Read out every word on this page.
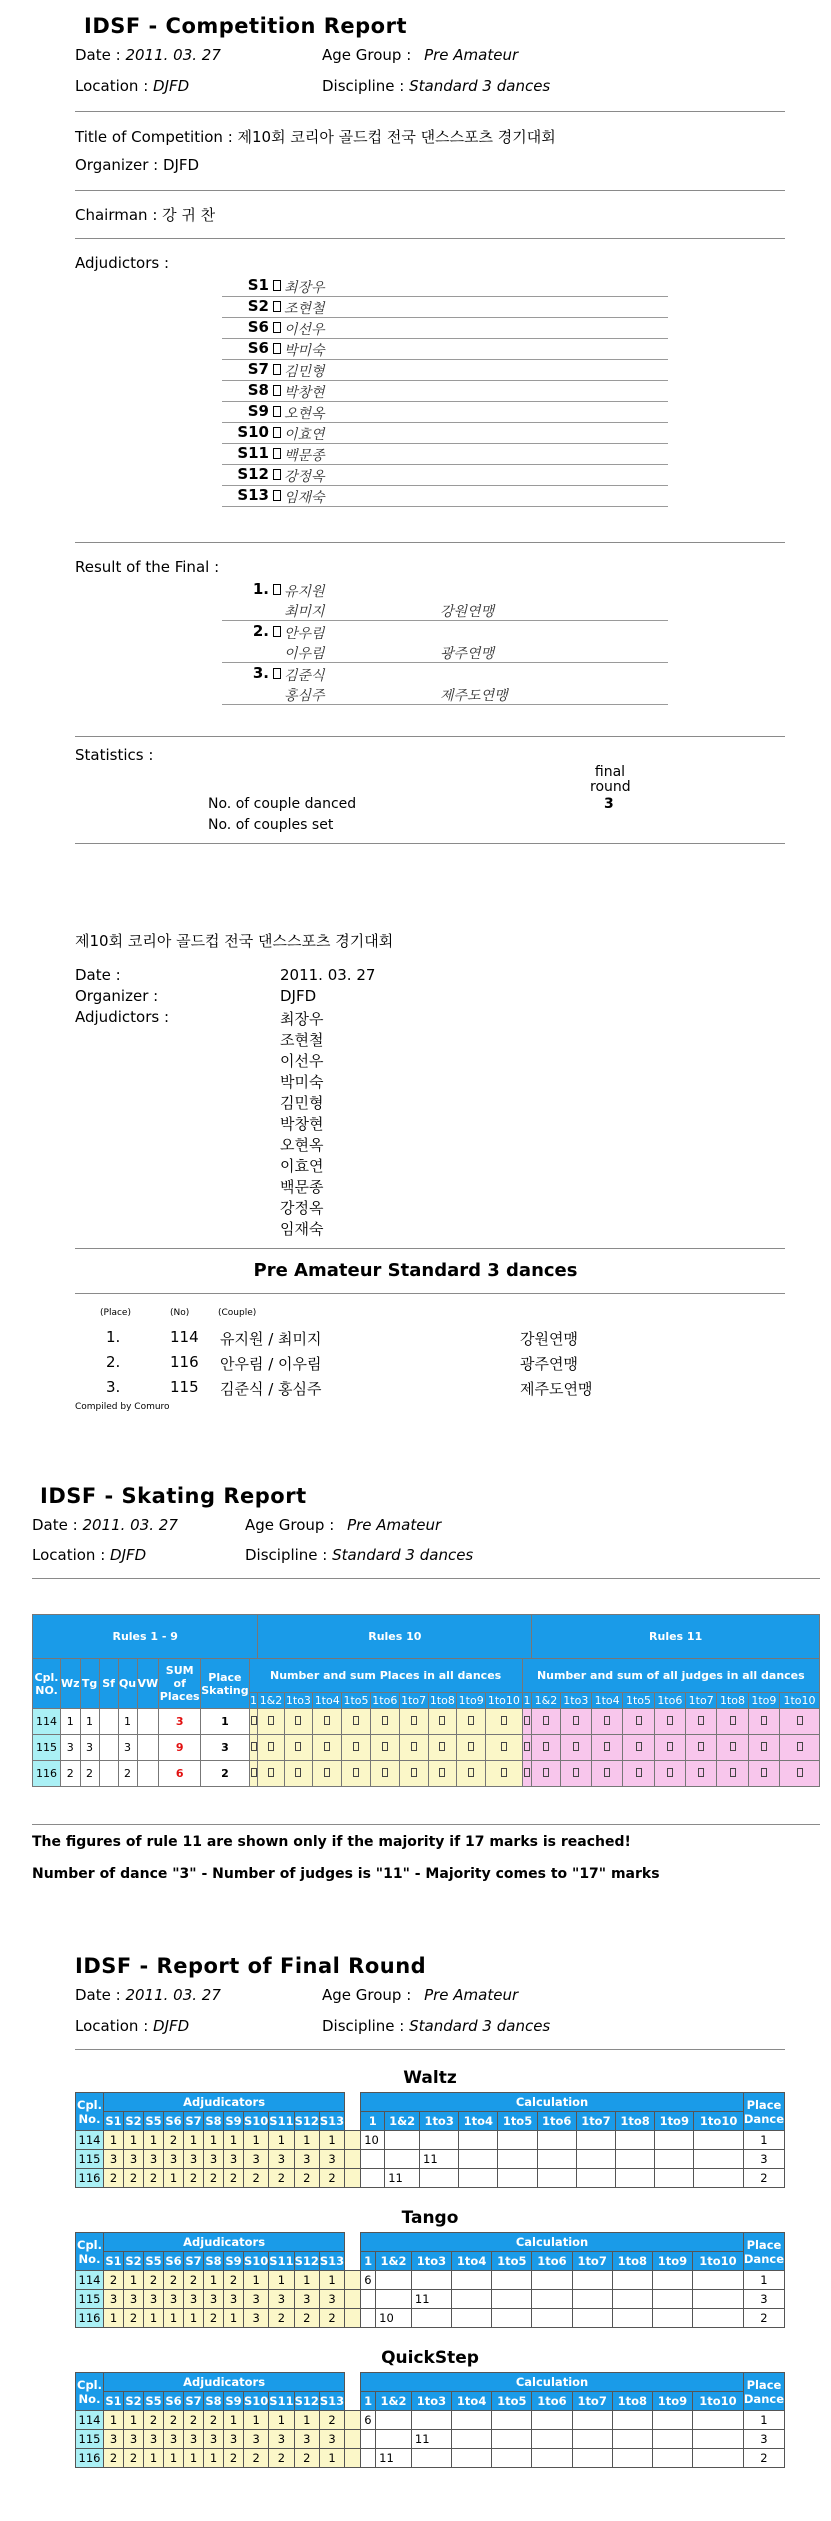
IDSF - Competition Report
Date : 2011. 03. 27	Age Group : Pre Amateur
Location : DJFD	Discipline : Standard 3 dances
Title of Competition : 제10회 코리아 골드컵 전국 댄스스포츠 경기대회
Organizer : DJFD
Chairman : 강 귀 찬
Adjudictors :
S1 최장우
S2 조현철
S6 이선우
S6 박미숙
S7 김민형
S8 박창현
S9 오현옥
S10 이효연
S11 백문종
S12 강정옥
S13 임재숙
Result of the Final :
1. 유지원
최미지	강원연맹
2. 안우림
이우림	광주연맹
3. 김준식
홍심주	제주도연맹
Statistics :
final
round
No. of couple danced	3
No. of couples set
제10회 코리아 골드컵 전국 댄스스포츠 경기대회
Date :	2011. 03. 27
Organizer :	DJFD
Adjudictors :	최장우
조현철
이선우
박미숙
김민형
박창현
오현옥
이효연
백문종
강정옥
임재숙
Pre Amateur Standard 3 dances
(Place)	(No)	(Couple)
1.	114 유지원 / 최미지	강원연맹
2.	116 안우림 / 이우림	광주연맹
3.	115 김준식 / 홍심주	제주도연맹
Compiled by Comuro
IDSF - Skating Report
Date : 2011. 03. 27	Age Group : Pre Amateur
Location : DJFD	Discipline : Standard 3 dances
Rules 1 - 9									Rules 10										Rules 11								
Cpl. NO.	Wz	Tg	Sf	Qu	VW	SUM of Places	Place Skating	Number and sum Places in all dances										Number and sum of all judges in all dances									
								1	1&2	1to3	1to4	1to5	1to6	1to7	1to8	1to9	1to10	1	1&2	1to3	1to4	1to5	1to6	1to7	1to8	1to9	1to10
114	1	1		1		3	1																				
115	3	3		3		9	3																				
116	2	2		2		6	2																				
The figures of rule 11 are shown only if the majority if 17 marks is reached!
Number of dance "3" - Number of judges is "11" - Majority comes to "17" marks
IDSF - Report of Final Round
Date : 2011. 03. 27	Age Group : Pre Amateur
Location : DJFD	Discipline : Standard 3 dances
Waltz
Cpl. No.	Adjudicators												Calculation										Place Dance
	S1	S2	S5	S6	S7	S8	S9	S10	S11	S12	S13		1	1&2	1to3	1to4	1to5	1to6	1to7	1to8	1to9	1to10	
114	1	1	1	2	1	1	1	1	1	1	1		10										1
115	3	3	3	3	3	3	3	3	3	3	3				11								3
116	2	2	2	1	2	2	2	2	2	2	2			11									2
Tango
Cpl. No.	Adjudicators												Calculation										Place Dance
	S1	S2	S5	S6	S7	S8	S9	S10	S11	S12	S13		1	1&2	1to3	1to4	1to5	1to6	1to7	1to8	1to9	1to10	
114	2	1	2	2	2	1	2	1	1	1	1		6										1
115	3	3	3	3	3	3	3	3	3	3	3				11								3
116	1	2	1	1	1	2	1	3	2	2	2			10									2
QuickStep
Cpl. No.	Adjudicators												Calculation										Place Dance
	S1	S2	S5	S6	S7	S8	S9	S10	S11	S12	S13		1	1&2	1to3	1to4	1to5	1to6	1to7	1to8	1to9	1to10	
114	1	1	2	2	2	2	1	1	1	1	2		6										1
115	3	3	3	3	3	3	3	3	3	3	3				11								3
116	2	2	1	1	1	1	2	2	2	2	1			11									2
